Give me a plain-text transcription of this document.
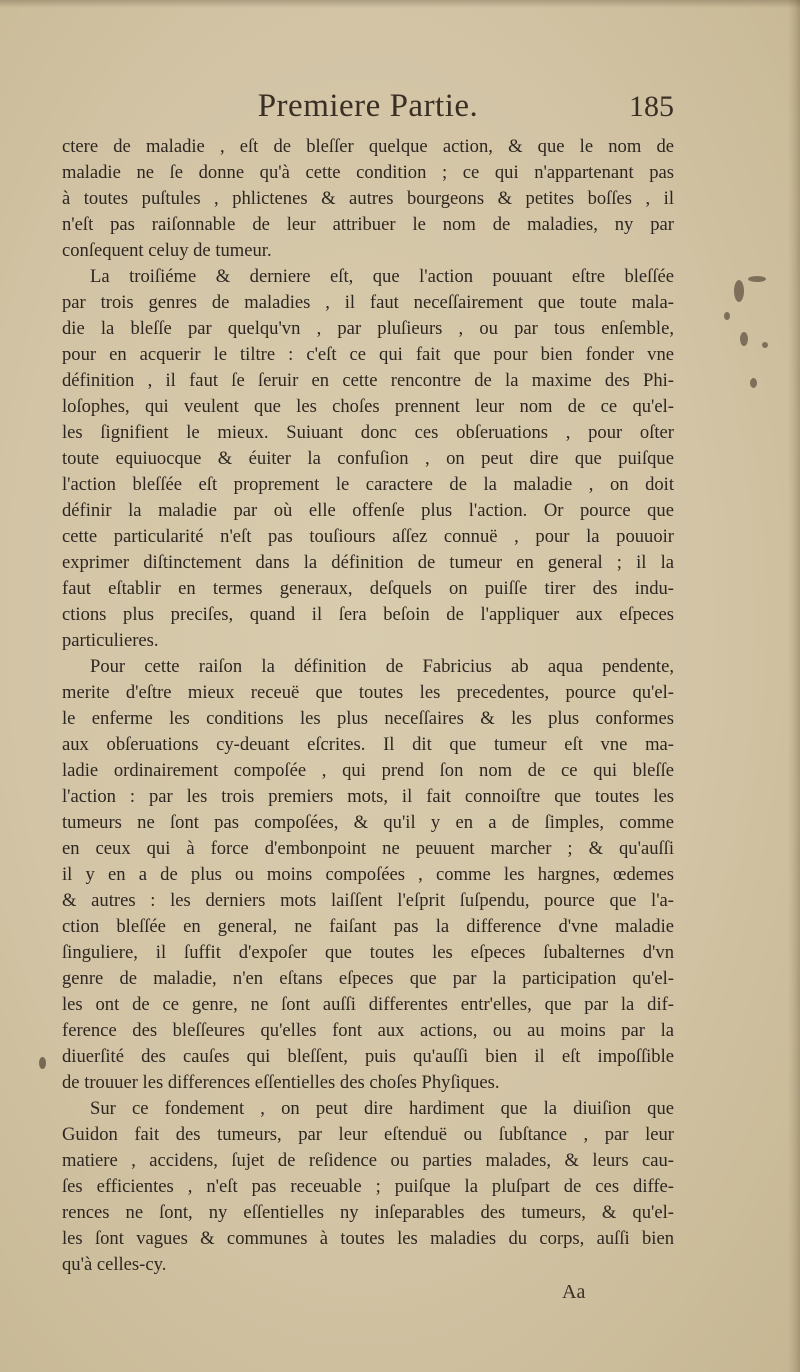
Premiere Partie.	185
ctere de maladie , eſt de bleſſer quelque action, & que le nom de
maladie ne ſe donne qu'à cette condition ; ce qui n'appartenant pas
à toutes puſtules , phlictenes & autres bourgeons & petites boſſes , il
n'eſt pas raiſonnable de leur attribuer le nom de maladies, ny par
conſequent celuy de tumeur.
La troiſiéme & derniere eſt, que l'action pouuant eſtre bleſſée
par trois genres de maladies , il faut neceſſairement que toute mala-
die la bleſſe par quelqu'vn , par pluſieurs , ou par tous enſemble,
pour en acquerir le tiltre : c'eſt ce qui fait que pour bien fonder vne
définition , il faut ſe ſeruir en cette rencontre de la maxime des Phi-
loſophes, qui veulent que les choſes prennent leur nom de ce qu'el-
les ſignifient le mieux. Suiuant donc ces obſeruations , pour oſter
toute equiuocque & éuiter la confuſion , on peut dire que puiſque
l'action bleſſée eſt proprement le caractere de la maladie , on doit
définir la maladie par où elle offenſe plus l'action. Or pource que
cette particularité n'eſt pas touſiours aſſez connuë , pour la pouuoir
exprimer diſtinctement dans la définition de tumeur en general ; il la
faut eſtablir en termes generaux, deſquels on puiſſe tirer des indu-
ctions plus preciſes, quand il ſera beſoin de l'appliquer aux eſpeces
particulieres.
Pour cette raiſon la définition de Fabricius ab aqua pendente,
merite d'eſtre mieux receuë que toutes les precedentes, pource qu'el-
le enferme les conditions les plus neceſſaires & les plus conformes
aux obſeruations cy-deuant eſcrites. Il dit que tumeur eſt vne ma-
ladie ordinairement compoſée , qui prend ſon nom de ce qui bleſſe
l'action : par les trois premiers mots, il fait connoiſtre que toutes les
tumeurs ne ſont pas compoſées, & qu'il y en a de ſimples, comme
en ceux qui à force d'embonpoint ne peuuent marcher ; & qu'auſſi
il y en a de plus ou moins compoſées , comme les hargnes, œdemes
& autres : les derniers mots laiſſent l'eſprit ſuſpendu, pource que l'a-
ction bleſſée en general, ne faiſant pas la difference d'vne maladie
ſinguliere, il ſuffit d'expoſer que toutes les eſpeces ſubalternes d'vn
genre de maladie, n'en eſtans eſpeces que par la participation qu'el-
les ont de ce genre, ne ſont auſſi differentes entr'elles, que par la dif-
ference des bleſſeures qu'elles font aux actions, ou au moins par la
diuerſité des cauſes qui bleſſent, puis qu'auſſi bien il eſt impoſſible
de trouuer les differences eſſentielles des choſes Phyſiques.
Sur ce fondement , on peut dire hardiment que la diuiſion que
Guidon fait des tumeurs, par leur eſtenduë ou ſubſtance , par leur
matiere , accidens, ſujet de reſidence ou parties malades, & leurs cau-
ſes efficientes , n'eſt pas receuable ; puiſque la pluſpart de ces diffe-
rences ne ſont, ny eſſentielles ny inſeparables des tumeurs, & qu'el-
les ſont vagues & communes à toutes les maladies du corps, auſſi bien
qu'à celles-cy.
Aa
